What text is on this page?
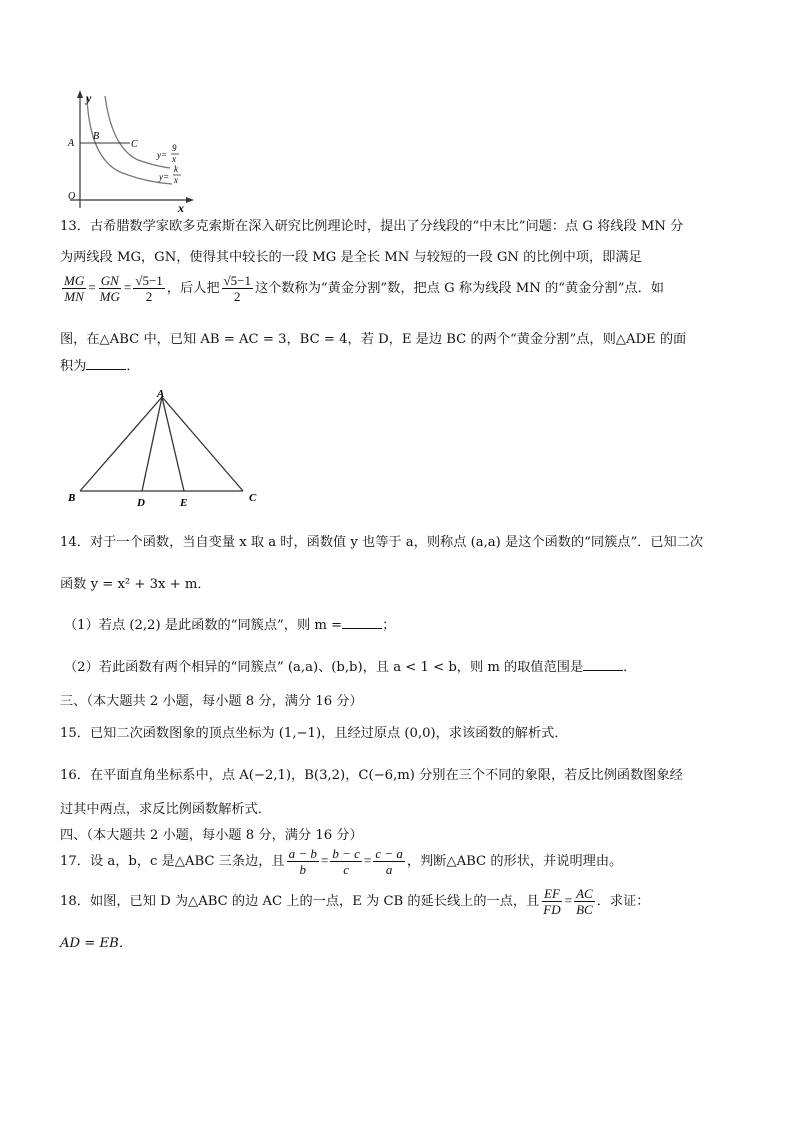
y
x
O
A
B
C
y=
9
x
y=
k
x
13．古希腊数学家欧多克索斯在深入研究比例理论时，提出了分线段的“中末比”问题：点 G 将线段 MN 分
为两线段 MG，GN，使得其中较长的一段 MG 是全长 MN 与较短的一段 GN 的比例中项，即满足
$\frac{MG}{MN} = \frac{GN}{MG} = \frac{√5-1}{2}$ ，后人把 $\frac{√5-1}{2}$ 这个数称为“黄金分割”数，把点 G 称为线段 MN 的“黄金分割”点．如
图，在△ABC 中，已知 AB = AC = 3，BC = 4，若 D，E 是边 BC 的两个“黄金分割”点，则△ADE 的面
积为	．
A
B	C
D	E
14．对于一个函数，当自变量 x 取 a 时，函数值 y 也等于 a，则称点 (a,a) 是这个函数的“同簇点”．已知二次
函数 y = x² + 3x + m．
（1）若点 (2,2) 是此函数的“同簇点”，则 m =	；
（2）若此函数有两个相异的“同簇点” (a,a)、(b,b)，且 a < 1 < b，则 m 的取值范围是	．
三、（本大题共 2 小题，每小题 8 分，满分 16 分）
15．已知二次函数图象的顶点坐标为 (1,−1)，且经过原点 (0,0)，求该函数的解析式．
16．在平面直角坐标系中，点 A(−2,1)，B(3,2)，C(−6,m) 分别在三个不同的象限，若反比例函数图象经
过其中两点，求反比例函数解析式．
四、（本大题共 2 小题，每小题 8 分，满分 16 分）
17．设 a，b，c 是△ABC 三条边，且 $\frac{a - b}{b} = \frac{b - c}{c} = \frac{c - a}{a}$ ，判断△ABC 的形状，并说明理由。
18．如图，已知 D 为△ABC 的边 AC 上的一点，E 为 CB 的延长线上的一点，且 $\frac{EF}{FD} = \frac{AC}{BC}$ ．求证：
AD = EB．
